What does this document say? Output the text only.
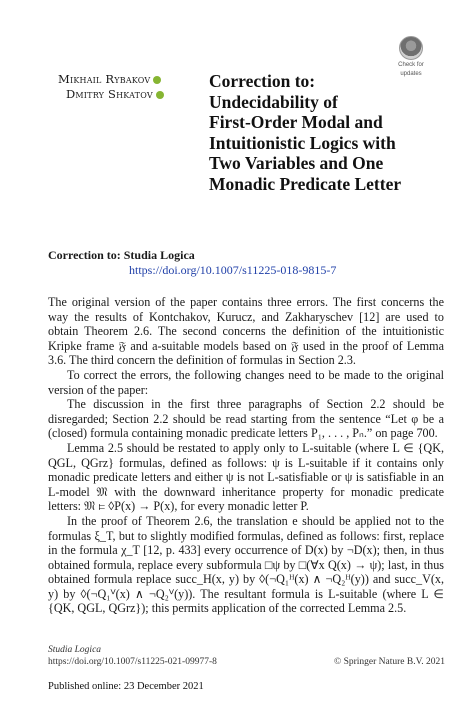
Check for
updates
Mikhail Rybakov
Dmitry Shkatov
Correction to:
Undecidability of
First-Order Modal and
Intuitionistic Logics with
Two Variables and One
Monadic Predicate Letter
Correction to: Studia Logica
https://doi.org/10.1007/s11225-018-9815-7

The original version of the paper contains three errors. The first concerns the way the results of Kontchakov, Kurucz, and Zakharyschev [12] are used to obtain Theorem 2.6. The second concerns the definition of the intuitionistic Kripke frame 𝔉 and a-suitable models based on 𝔉 used in the proof of Lemma 3.6. The third concern the definition of formulas in Section 2.3.

To correct the errors, the following changes need to be made to the original version of the paper:

The discussion in the first three paragraphs of Section 2.2 should be disregarded; Section 2.2 should be read starting from the sentence “Let φ be a (closed) formula containing monadic predicate letters P₁, . . . , Pₙ.” on page 700.

Lemma 2.5 should be restated to apply only to L-suitable (where L ∈ {QK, QGL, QGrz} formulas, defined as follows: ψ is L-suitable if it contains only monadic predicate letters and either ψ is not L-satisfiable or ψ is satisfiable in an L-model 𝔐 with the downward inheritance property for monadic predicate letters: 𝔐 ⊨ ◊P(x) → P(x), for every monadic letter P.

In the proof of Theorem 2.6, the translation e should be applied not to the formulas ξ_T, but to slightly modified formulas, defined as follows: first, replace in the formula χ_T [12, p. 433] every occurrence of D(x) by ¬D(x); then, in thus obtained formula, replace every subformula □ψ by □(∀x Q(x) → ψ); last, in thus obtained formula replace succ_H(x, y) by ◊(¬Q₁ᴴ(x) ∧ ¬Q₂ᴴ(y)) and succ_V(x, y) by ◊(¬Q₁ⱽ(x) ∧ ¬Q₂ⱽ(y)). The resultant formula is L-suitable (where L ∈ {QK, QGL, QGrz}); this permits application of the corrected Lemma 2.5.

Studia Logica
https://doi.org/10.1007/s11225-021-09977-8	© Springer Nature B.V. 2021
Published online: 23 December 2021
